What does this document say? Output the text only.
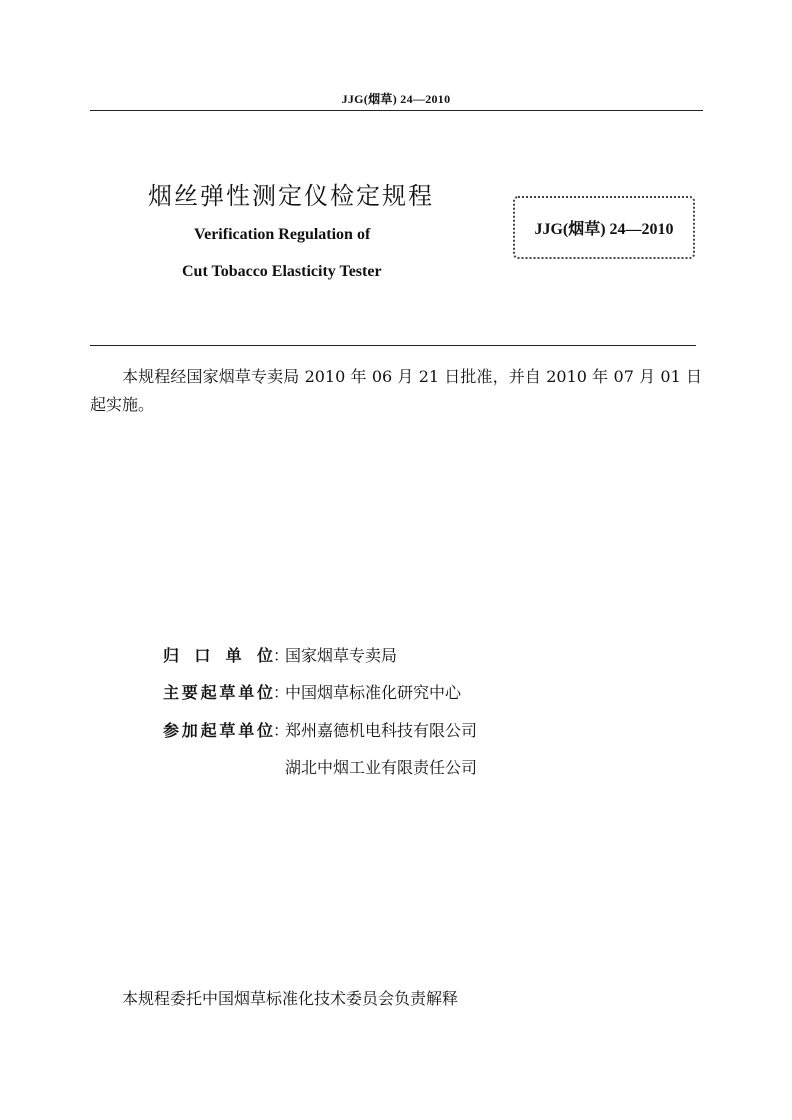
JJG(烟草) 24—2010
烟丝弹性测定仪检定规程
Verification Regulation of
Cut Tobacco Elasticity Tester
JJG(烟草) 24—2010
本规程经国家烟草专卖局 2010 年 06 月 21 日批准，并自 2010 年 07 月 01 日起实施。
归口单位：国家烟草专卖局
主要起草单位：中国烟草标准化研究中心
参加起草单位：郑州嘉德机电科技有限公司
湖北中烟工业有限责任公司
本规程委托中国烟草标准化技术委员会负责解释
